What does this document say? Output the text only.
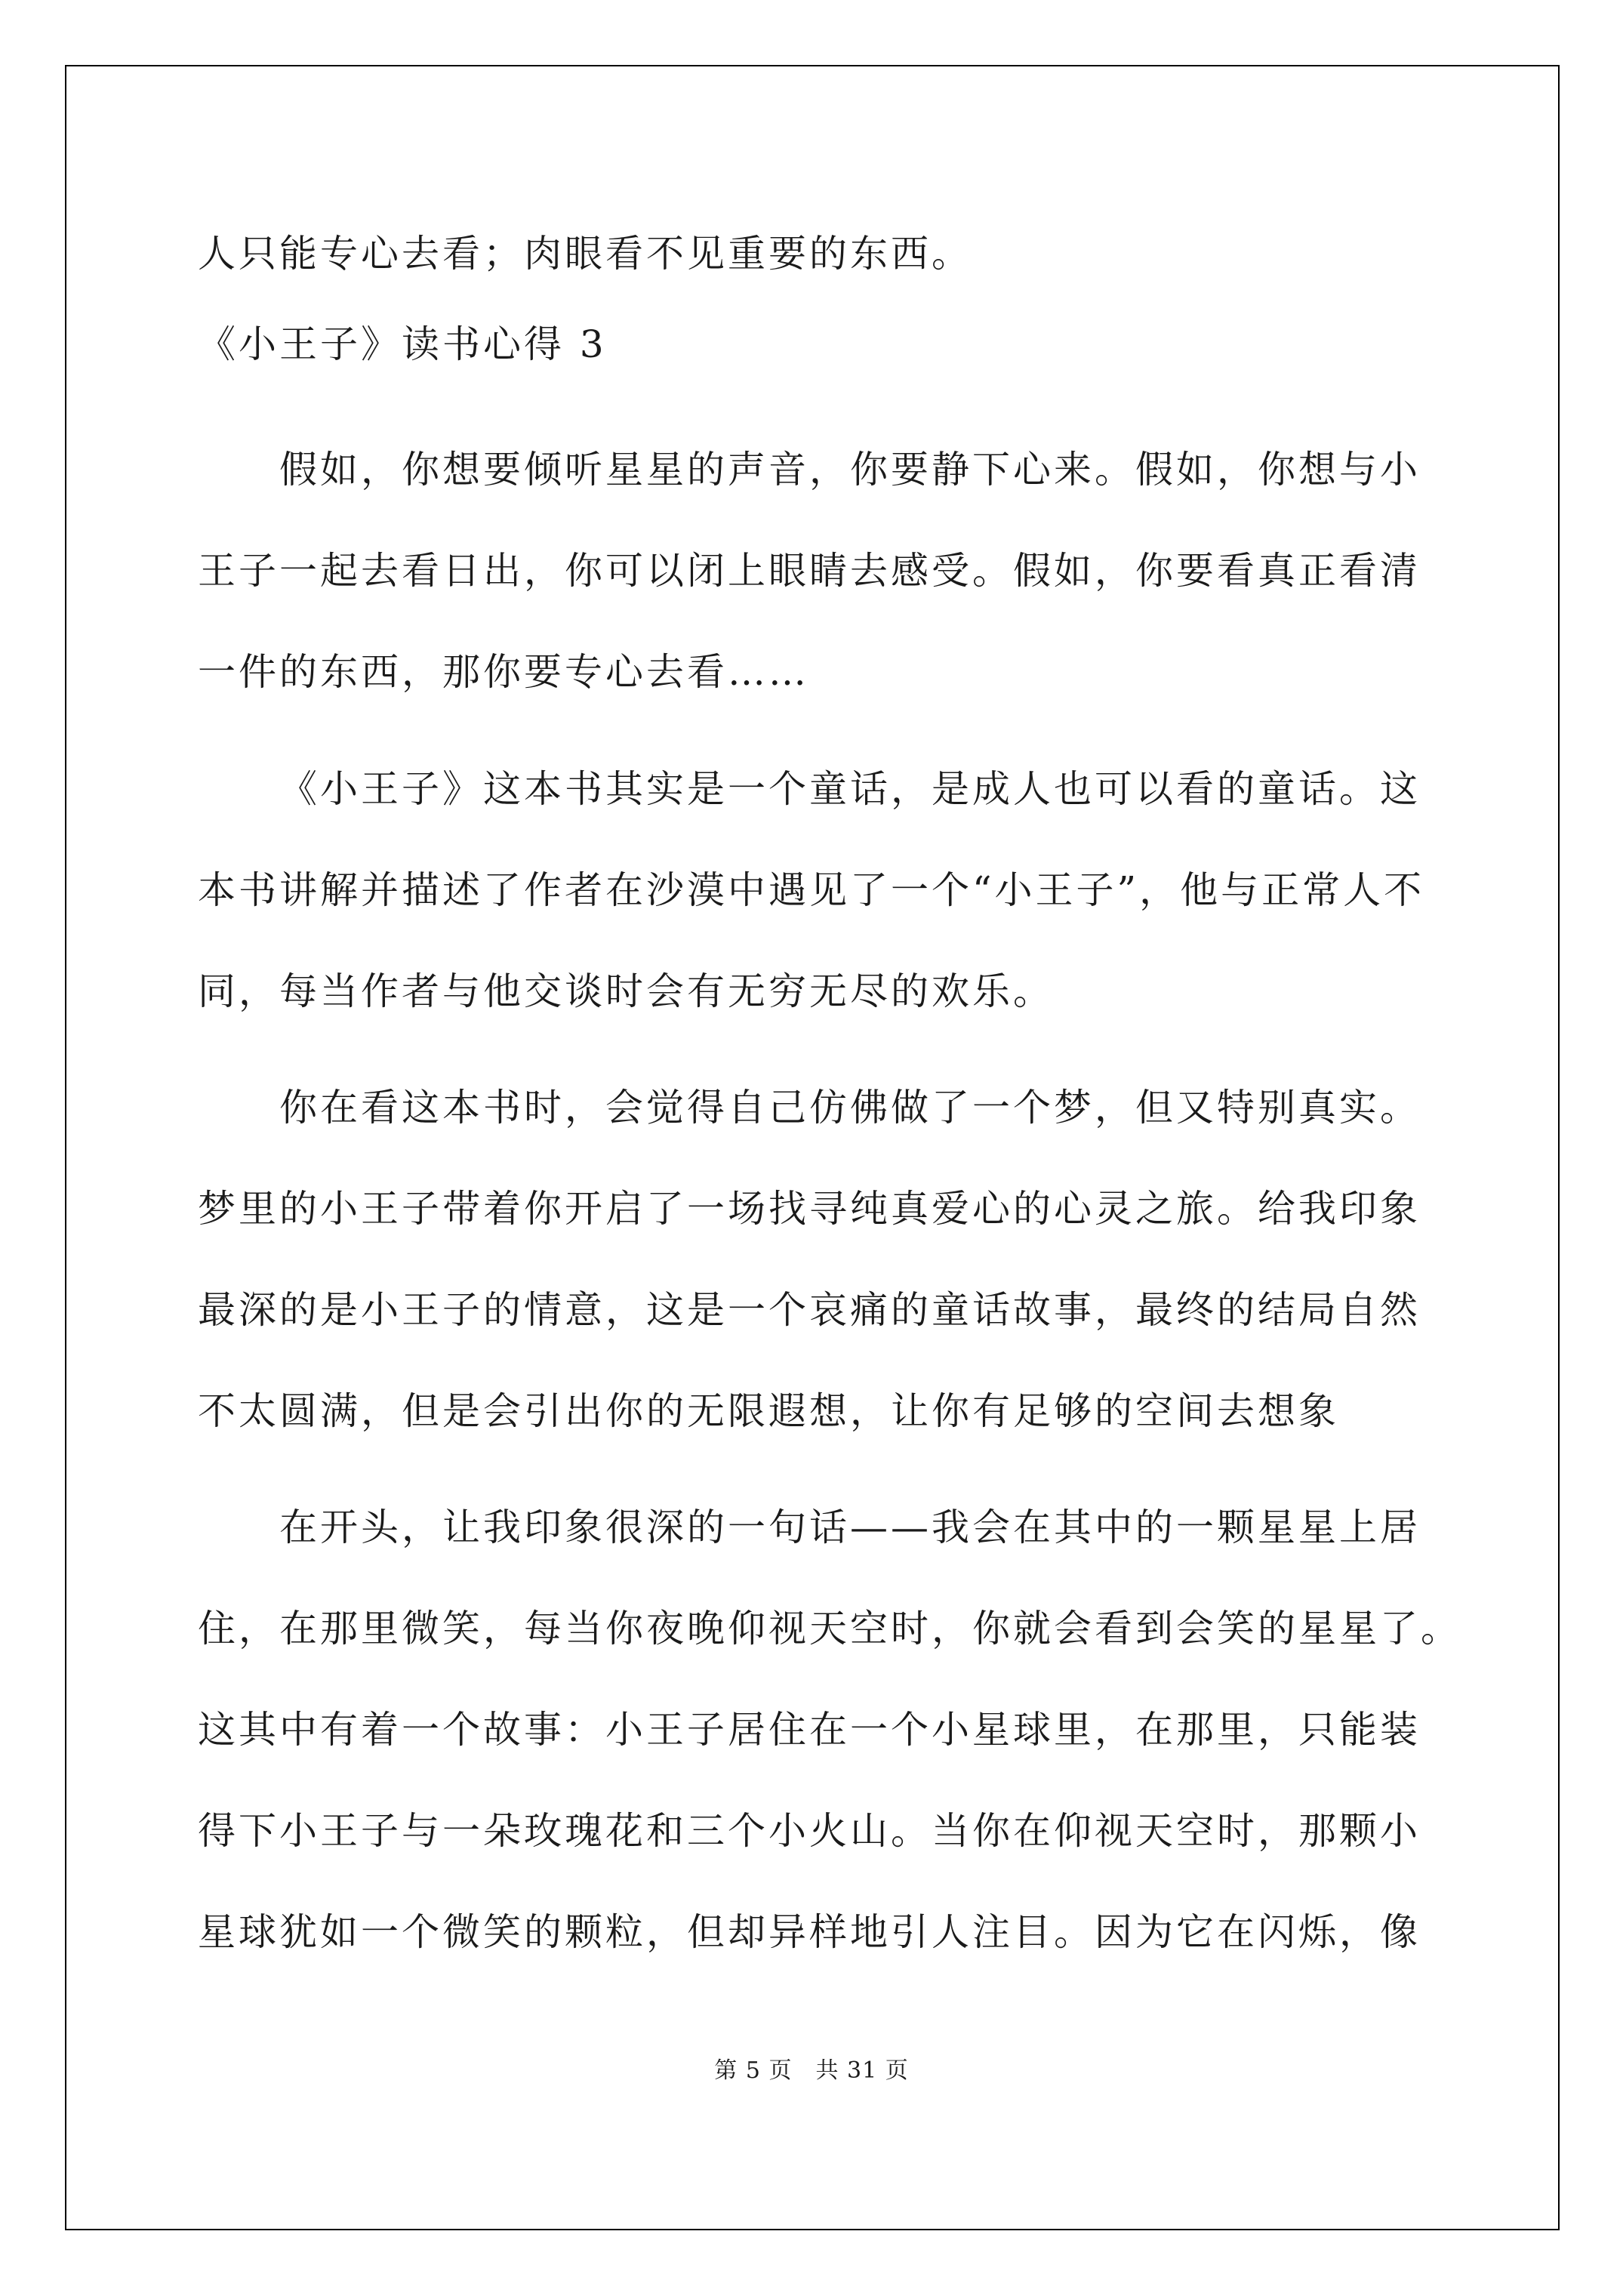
人只能专心去看；肉眼看不见重要的东西。
《小王子》读书心得 3
假如，你想要倾听星星的声音，你要静下心来。假如，你想与小
王子一起去看日出，你可以闭上眼睛去感受。假如，你要看真正看清
一件的东西，那你要专心去看……
《小王子》这本书其实是一个童话，是成人也可以看的童话。这
本书讲解并描述了作者在沙漠中遇见了一个“小王子”，他与正常人不
同，每当作者与他交谈时会有无穷无尽的欢乐。
你在看这本书时，会觉得自己仿佛做了一个梦，但又特别真实。
梦里的小王子带着你开启了一场找寻纯真爱心的心灵之旅。给我印象
最深的是小王子的情意，这是一个哀痛的童话故事，最终的结局自然
不太圆满，但是会引出你的无限遐想，让你有足够的空间去想象
在开头，让我印象很深的一句话——我会在其中的一颗星星上居
住，在那里微笑，每当你夜晚仰视天空时，你就会看到会笑的星星了。
这其中有着一个故事：小王子居住在一个小星球里，在那里，只能装
得下小王子与一朵玫瑰花和三个小火山。当你在仰视天空时，那颗小
星球犹如一个微笑的颗粒，但却异样地引人注目。因为它在闪烁，像
第 5 页　共 31 页
